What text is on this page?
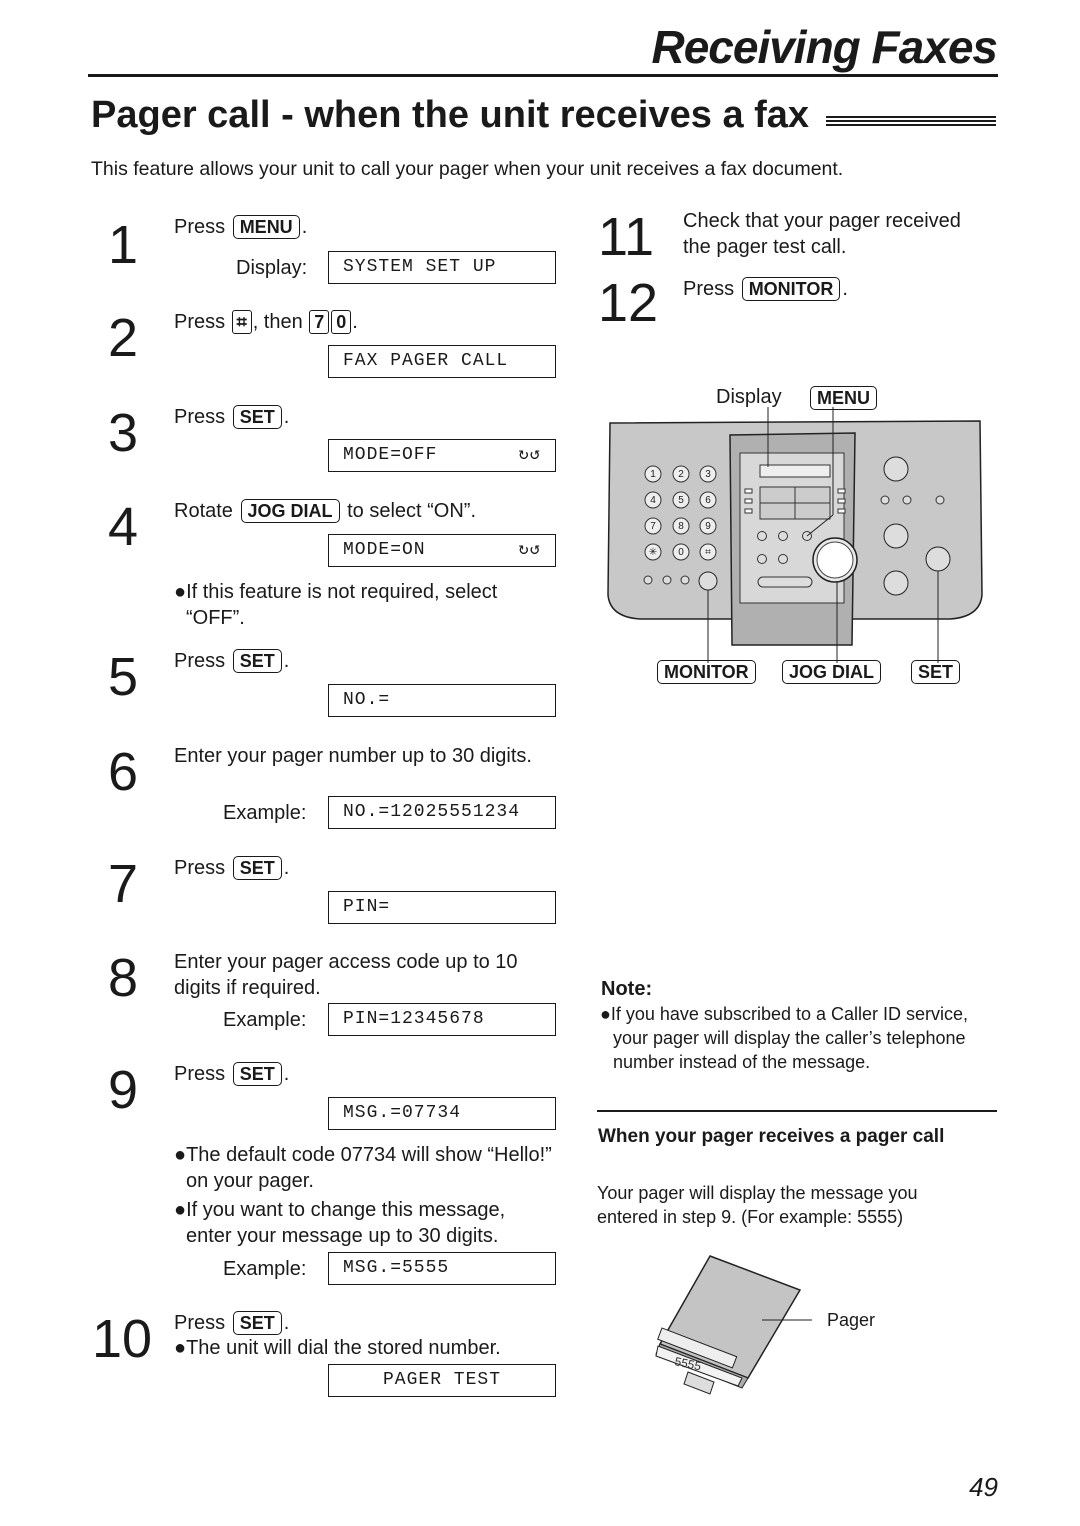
Receiving Faxes
Pager call - when the unit receives a fax
This feature allows your unit to call your pager when your unit receives a fax document.
1 Press MENU .
Display:	SYSTEM SET UP
2 Press ⌗ , then 7 0 .
FAX PAGER CALL
3 Press SET .
MODE=OFF	↻↺
4 Rotate JOG DIAL to select “ON”.
MODE=ON	↻↺
●If this feature is not required, select
“OFF”.
5 Press SET .
NO.=
6 Enter your pager number up to 30 digits.
Example:	NO.=12025551234
7 Press SET .
PIN=
8 Enter your pager access code up to 10
digits if required.
Example:	PIN=12345678
9 Press SET .
MSG.=07734
●The default code 07734 will show “Hello!”
on your pager.
●If you want to change this message,
enter your message up to 30 digits.
Example:	MSG.=5555
10 Press SET .
●The unit will dial the stored number.
PAGER TEST
11 Check that your pager received
the pager test call.
12 Press MONITOR .
Display	MENU
1 2 3
4 5 6
7 8 9
✳ 0 ⌗
MONITOR	JOG DIAL	SET
Note:
●If you have subscribed to a Caller ID service,
your pager will display the caller’s telephone
number instead of the message.
When your pager receives a pager call
Your pager will display the message you
entered in step 9. (For example: 5555)
5555
Pager
49
